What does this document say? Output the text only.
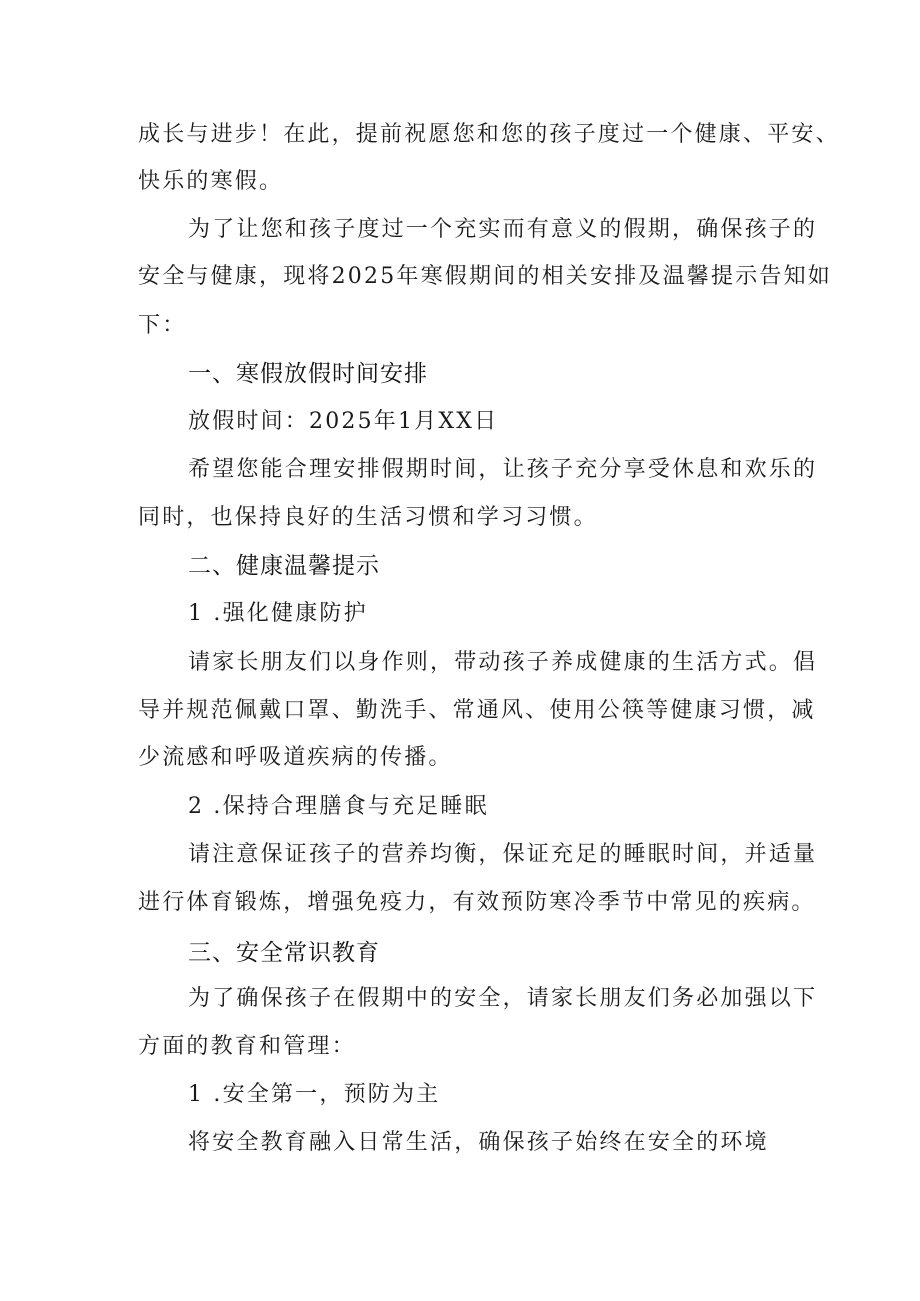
成长与进步！在此，提前祝愿您和您的孩子度过一个健康、平安、
快乐的寒假。
为了让您和孩子度过一个充实而有意义的假期，确保孩子的
安全与健康，现将2025年寒假期间的相关安排及温馨提示告知如
下：
一、寒假放假时间安排
放假时间：2025年1月XX日
希望您能合理安排假期时间，让孩子充分享受休息和欢乐的
同时，也保持良好的生活习惯和学习习惯。
二、健康温馨提示
1 .强化健康防护
请家长朋友们以身作则，带动孩子养成健康的生活方式。倡
导并规范佩戴口罩、勤洗手、常通风、使用公筷等健康习惯，减
少流感和呼吸道疾病的传播。
2 .保持合理膳食与充足睡眠
请注意保证孩子的营养均衡，保证充足的睡眠时间，并适量
进行体育锻炼，增强免疫力，有效预防寒冷季节中常见的疾病。
三、安全常识教育
为了确保孩子在假期中的安全，请家长朋友们务必加强以下
方面的教育和管理：
1 .安全第一，预防为主
将安全教育融入日常生活，确保孩子始终在安全的环境
